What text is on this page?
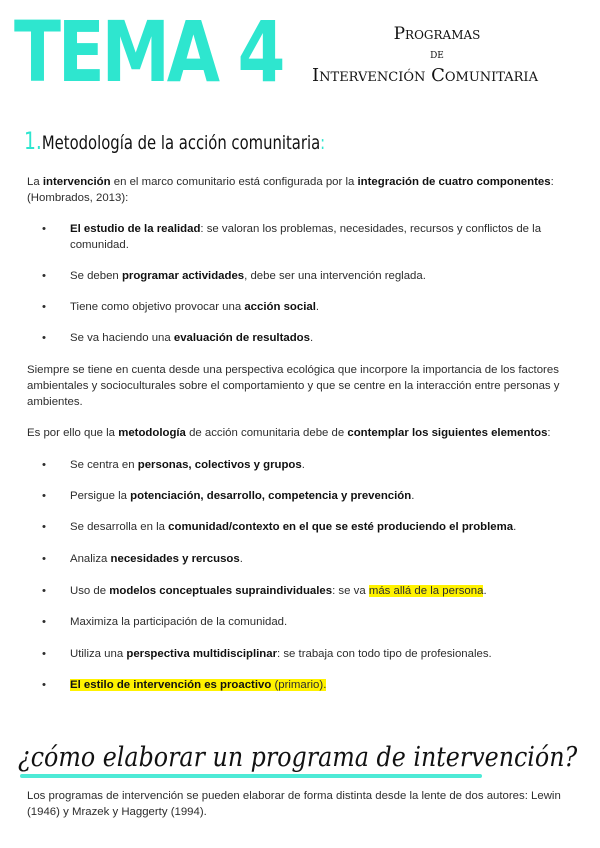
TEMA 4	Programas
de
Intervención Comunitaria
1.Metodología de la acción comunitaria:

La intervención en el marco comunitario está configurada por la integración de cuatro componentes: (Hombrados, 2013):

• El estudio de la realidad: se valoran los problemas, necesidades, recursos y conflictos de la comunidad.
• Se deben programar actividades, debe ser una intervención reglada.
• Tiene como objetivo provocar una acción social.
• Se va haciendo una evaluación de resultados.

Siempre se tiene en cuenta desde una perspectiva ecológica que incorpore la importancia de los factores ambientales y socioculturales sobre el comportamiento y que se centre en la interacción entre personas y ambientes.

Es por ello que la metodología de acción comunitaria debe de contemplar los siguientes elementos:

• Se centra en personas, colectivos y grupos.
• Persigue la potenciación, desarrollo, competencia y prevención.
• Se desarrolla en la comunidad/contexto en el que se esté produciendo el problema.
• Analiza necesidades y rercusos.
• Uso de modelos conceptuales supraindividuales: se va más allá de la persona.
• Maximiza la participación de la comunidad.
• Utiliza una perspectiva multidisciplinar: se trabaja con todo tipo de profesionales.
• El estilo de intervención es proactivo (primario).
¿cómo elaborar un programa de intervención?

Los programas de intervención se pueden elaborar de forma distinta desde la lente de dos autores: Lewin (1946) y Mrazek y Haggerty (1994).
